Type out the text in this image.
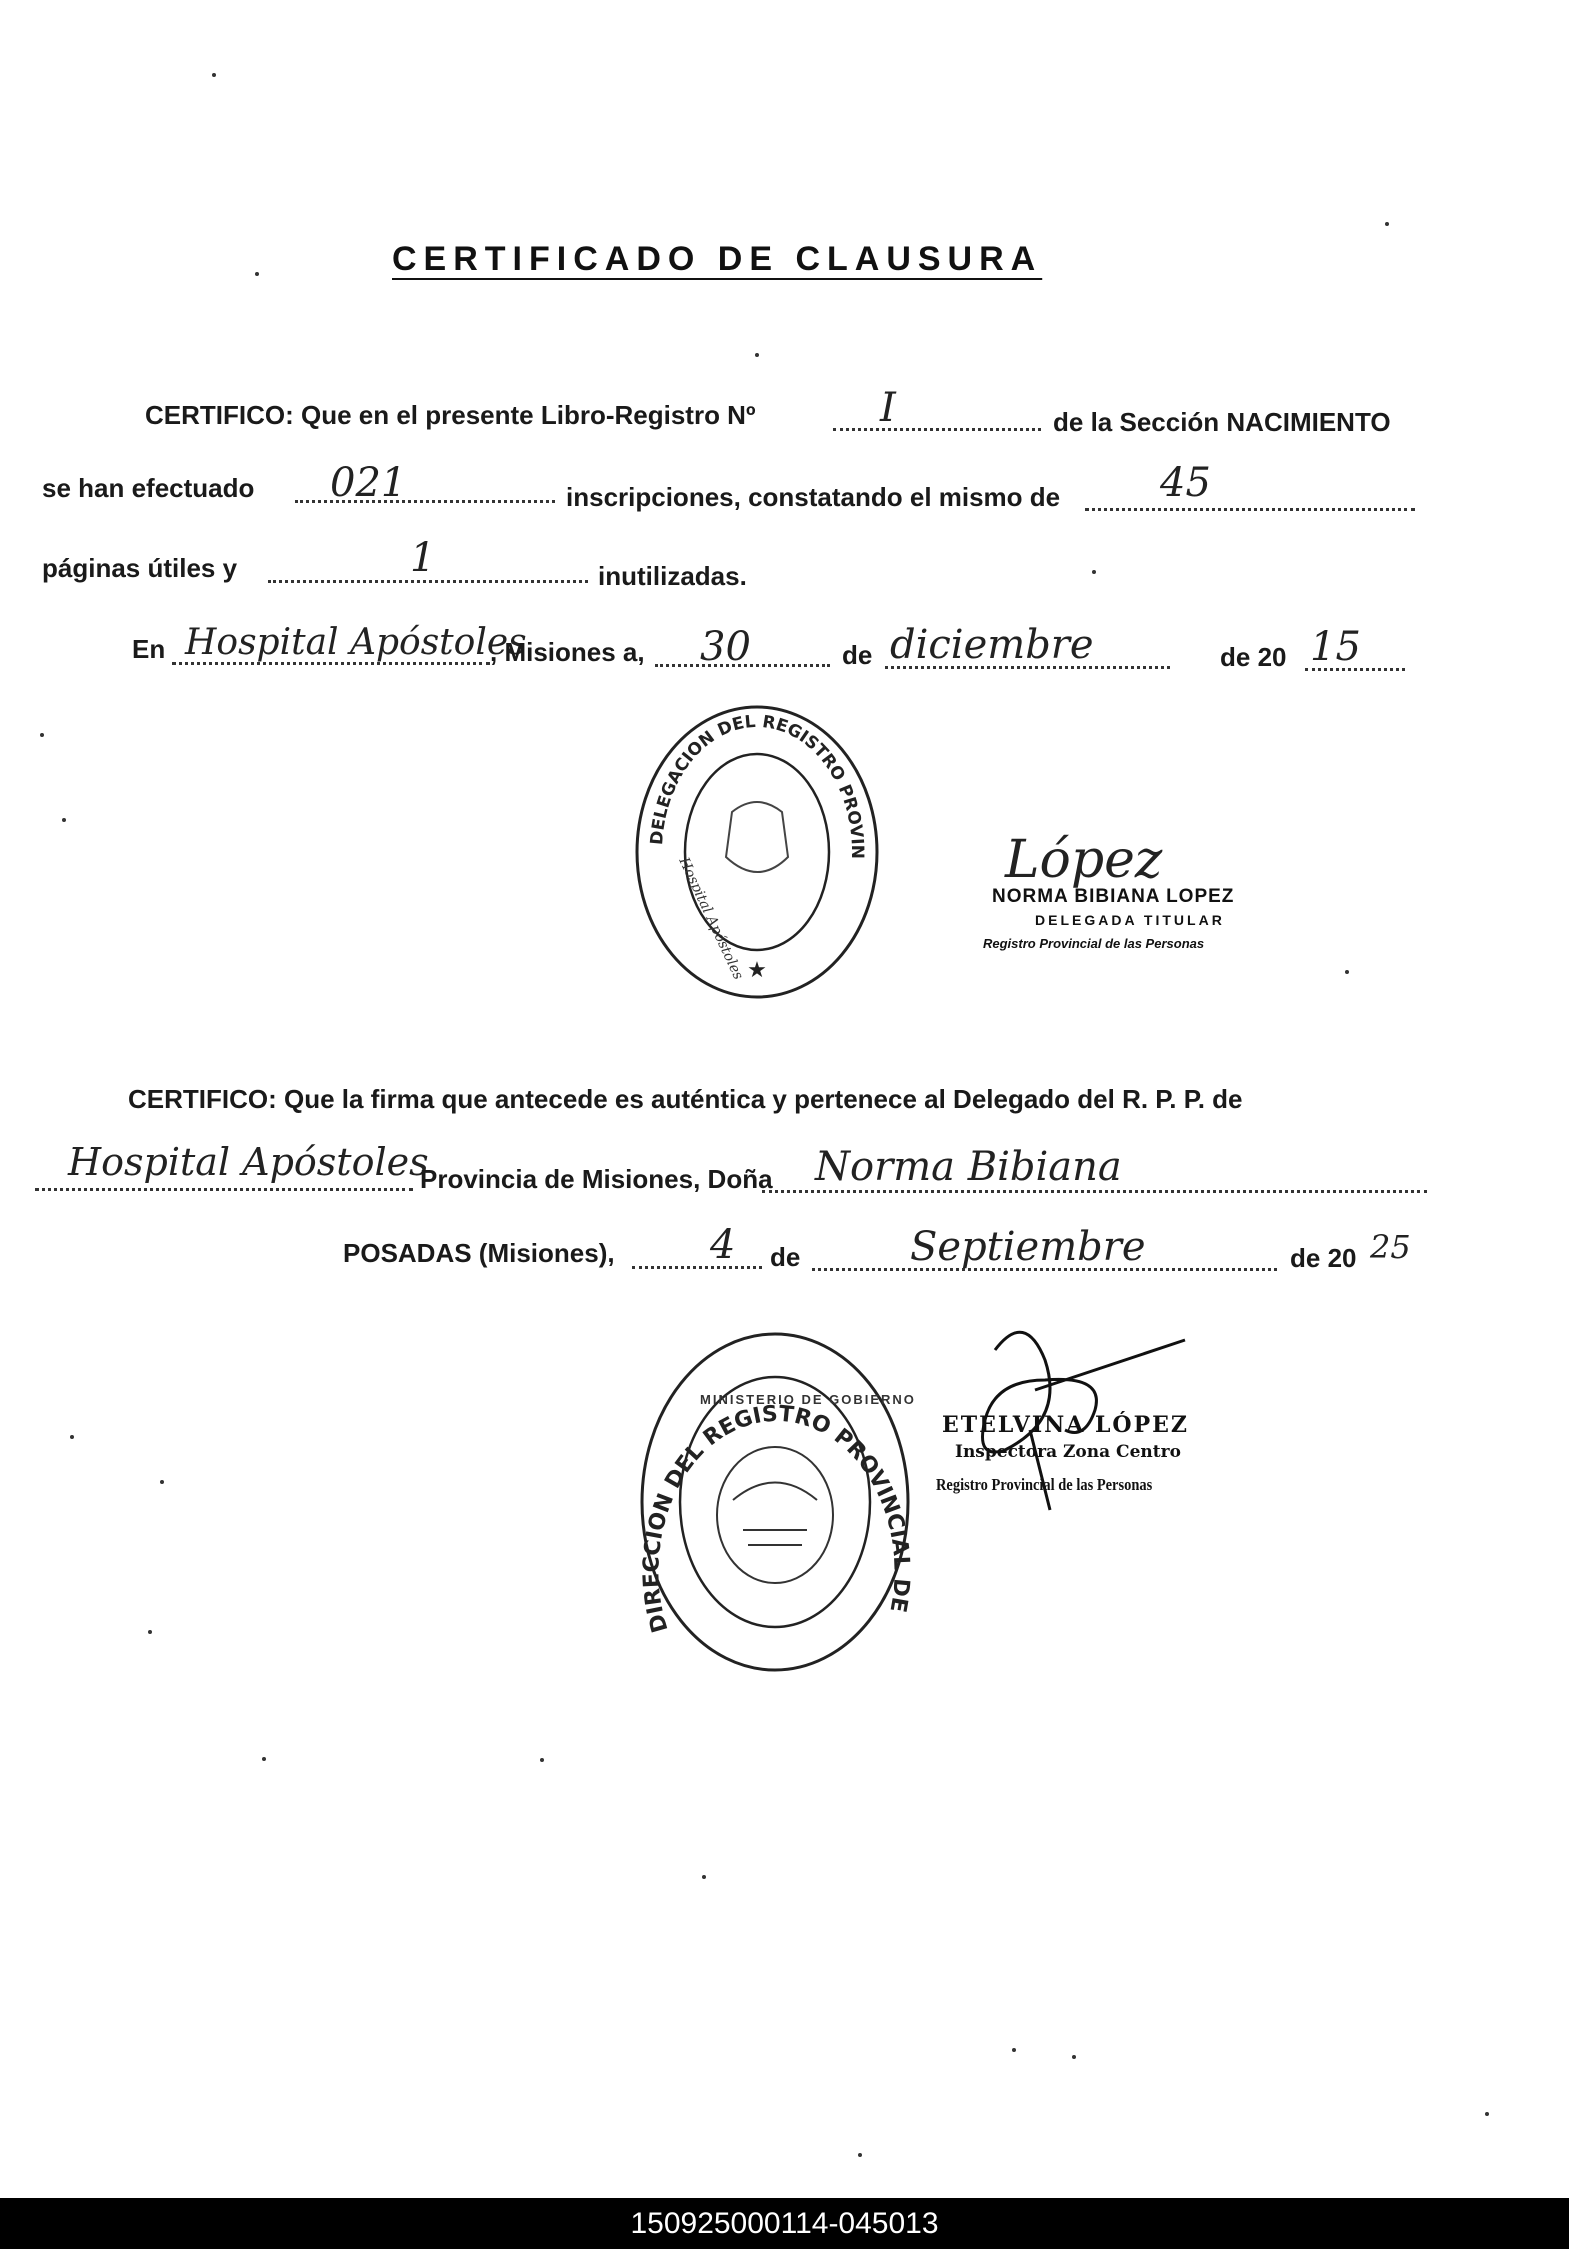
CERTIFICADO DE CLAUSURA
CERTIFICO: Que en el presente Libro-Registro Nº	I	de la Sección NACIMIENTO
se han efectuado 021	inscripciones, constatando el mismo de 45
páginas útiles y	1	inutilizadas.
En Hospital Apóstoles
, Misiones a, 30	de diciembre	de 20 15
DELEGACION DEL REGISTRO PROVINCIAL DE LAS PERSONAS
★
Hospital Apóstoles	López
NORMA BIBIANA LOPEZ
DELEGADA TITULAR
Registro Provincial de las Personas
CERTIFICO: Que la firma que antecede es auténtica y pertenece al Delegado del R. P. P. de
Hospital Apóstoles
Provincia de Misiones, Doña Norma Bibiana
POSADAS (Misiones), 4 de	Septiembre	de 20 25
DIRECCION DEL REGISTRO PROVINCIAL DE LAS PERSONAS
MINISTERIO DE GOBIERNO
ETELVINA LÓPEZ
Inspectora Zona Centro
Registro Provincial de las Personas
150925000114-045013
